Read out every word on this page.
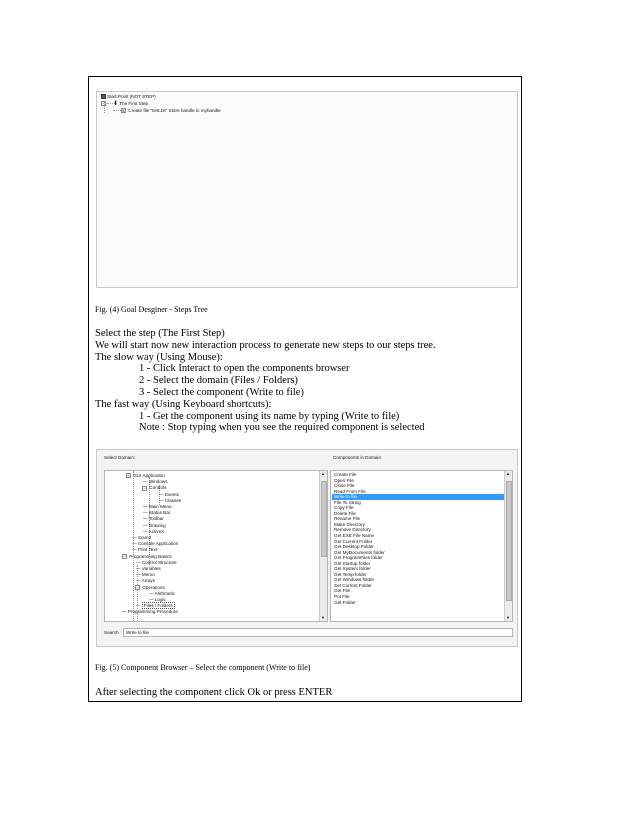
Start Point (NOT STEP)
− ⬇ The First Step
▪ Create file "test.txt" Store handle in myhandle
Fig. (4) Goal Desginer - Steps Tree
Select the step (The First Step)
We will start now new interaction process to generate new steps to our steps tree.
The slow way (Using Mouse):
1 - Click Interact to open the components browser
2 - Select the domain (Files / Folders)
3 - Select the component (Write to file)
The fast way (Using Keyboard shortcuts):
1 - Get the component using its name by typing (Write to file)
Note : Stop typing when you see the required component is selected
Select Domain:	Components in Domain
− GUI Application
— Windows
− Controls
— Events
— Classes
— Main Menu
— Status Bar
— Toolbar
— Drawing
— ActiveX
— Sound
— Console Application
— Print Text
− Programming Basics
— Control Structure
— Variables
— Memo
— Arrays
− Operations
— Arithmetic
— Logic
— Files / Folders
— Programming Procedure
▲
▼
Create File
Open File
Close File
Read From File
Write to file
File To String
Copy File
Delete File
Rename File
Make Directory
Remove Directory
Get EXE File Name
Get Current Folder
Get Desktop Folder
Get MyDocuments folder
Get ProgramFiles folder
Get Startup folder
Get System folder
Get Temp folder
Get Windows folder
Set Current Folder
Get File
Put File
Get Folder
▲
▼
Search	Write to file
Fig. (5) Component Browser – Select the component (Write to file)
After selecting the component click Ok or press ENTER
